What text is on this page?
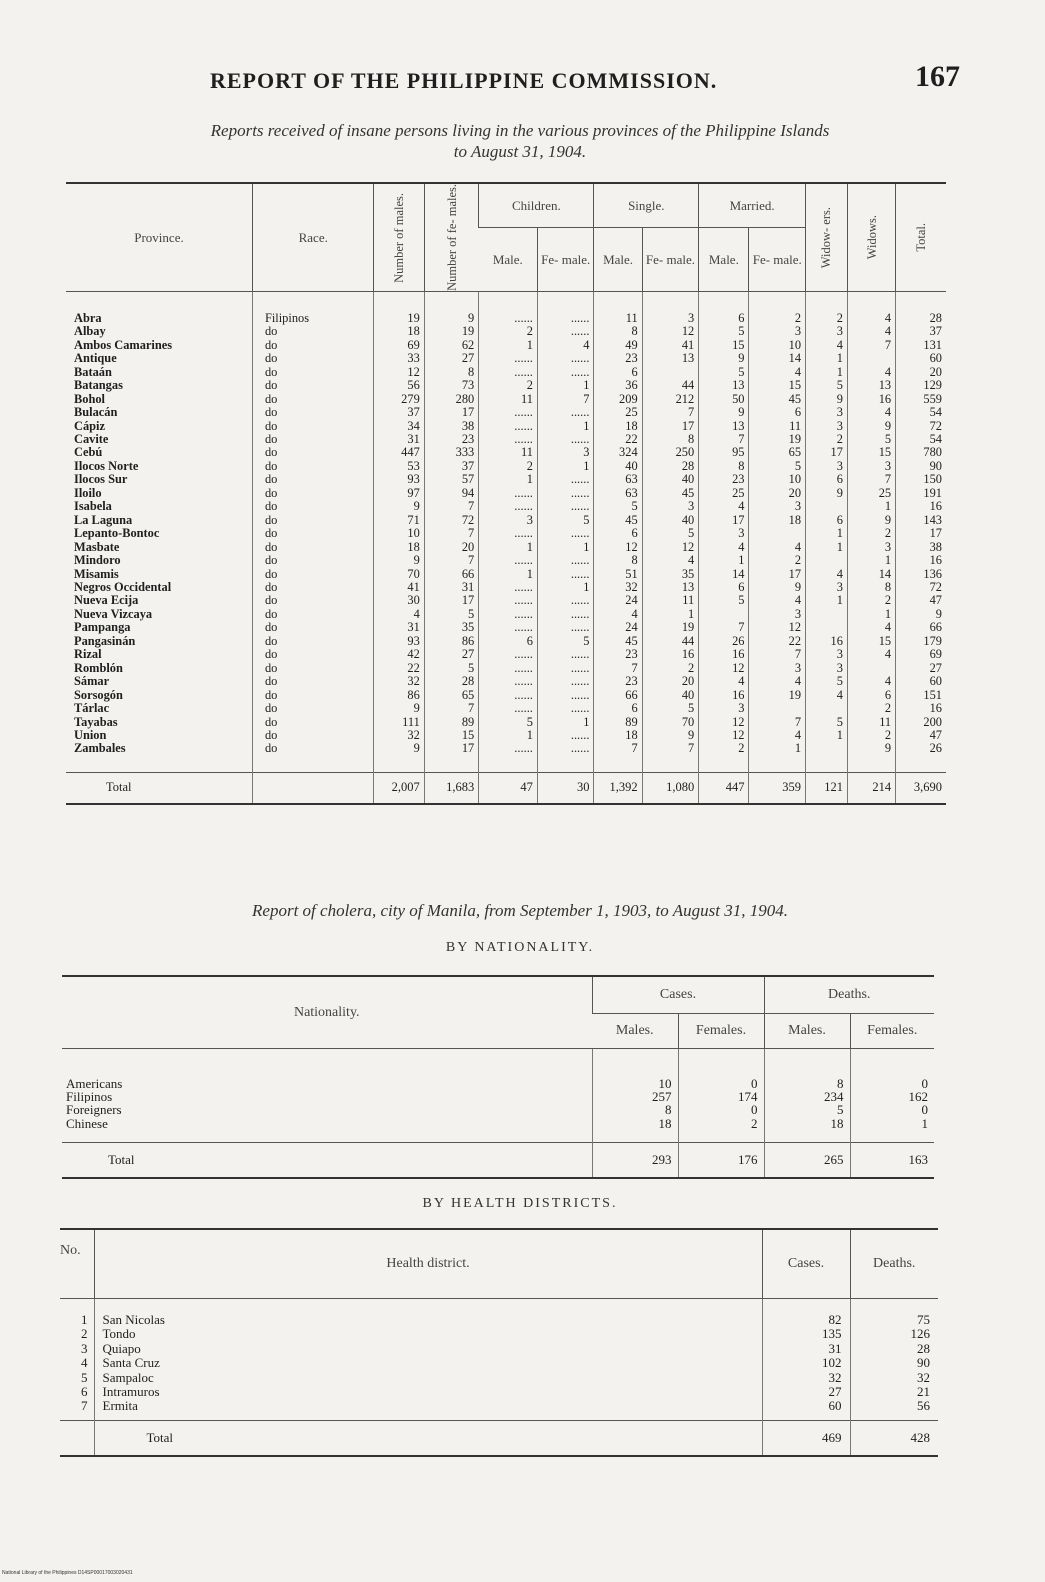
REPORT OF THE PHILIPPINE COMMISSION.	167
Reports received of insane persons living in the various provinces of the Philippine Islands
to August 31, 1904.
Province.	Race.	Number of males.	Number of fe- males.	Children.		Single.		Married.		Widow- ers.	Widows.	Total.

				Male.	Fe- male.	Male.	Fe- male.	Male.	Fe- male.			
Abra	Filipinos	19	9	......	......	11	3	6	2	2	4	28
Albay	do	18	19	2	......	8	12	5	3	3	4	37
Ambos Camarines	do	69	62	1	4	49	41	15	10	4	7	131
Antique	do	33	27	......	......	23	13	9	14	1		60
Bataán	do	12	8	......	......	6		5	4	1	4	20
Batangas	do	56	73	2	1	36	44	13	15	5	13	129
Bohol	do	279	280	11	7	209	212	50	45	9	16	559
Bulacán	do	37	17	......	......	25	7	9	6	3	4	54
Cápiz	do	34	38	......	1	18	17	13	11	3	9	72
Cavite	do	31	23	......	......	22	8	7	19	2	5	54
Cebú	do	447	333	11	3	324	250	95	65	17	15	780
Ilocos Norte	do	53	37	2	1	40	28	8	5	3	3	90
Ilocos Sur	do	93	57	1	......	63	40	23	10	6	7	150
Iloilo	do	97	94	......	......	63	45	25	20	9	25	191
Isabela	do	9	7	......	......	5	3	4	3		1	16
La Laguna	do	71	72	3	5	45	40	17	18	6	9	143
Lepanto-Bontoc	do	10	7	......	......	6	5	3		1	2	17
Masbate	do	18	20	1	1	12	12	4	4	1	3	38
Mindoro	do	9	7	......	......	8	4	1	2		1	16
Misamis	do	70	66	1	......	51	35	14	17	4	14	136
Negros Occidental	do	41	31	......	1	32	13	6	9	3	8	72
Nueva Ecija	do	30	17	......	......	24	11	5	4	1	2	47
Nueva Vizcaya	do	4	5	......	......	4	1		3		1	9
Pampanga	do	31	35	......	......	24	19	7	12		4	66
Pangasinán	do	93	86	6	5	45	44	26	22	16	15	179
Rizal	do	42	27	......	......	23	16	16	7	3	4	69
Romblón	do	22	5	......	......	7	2	12	3	3		27
Sámar	do	32	28	......	......	23	20	4	4	5	4	60
Sorsogón	do	86	65	......	......	66	40	16	19	4	6	151
Tárlac	do	9	7	......	......	6	5	3			2	16
Tayabas	do	111	89	5	1	89	70	12	7	5	11	200
Union	do	32	15	1	......	18	9	12	4	1	2	47
Zambales	do	9	17	......	......	7	7	2	1		9	26
Total		2,007	1,683	47	30	1,392	1,080	447	359	121	214	3,690
Report of cholera, city of Manila, from September 1, 1903, to August 31, 1904.
BY NATIONALITY.
Nationality.	Cases.		Deaths.	
	Males.	Females.	Males.	Females.
Americans	10	0	8	0
Filipinos	257	174	234	162
Foreigners	8	0	5	0
Chinese	18	2	18	1
Total	293	176	265	163
BY HEALTH DISTRICTS.
No.	Health district.	Cases.	Deaths.
1	San Nicolas	82	75
2	Tondo	135	126
3	Quiapo	31	28
4	Santa Cruz	102	90
5	Sampaloc	32	32
6	Intramuros	27	21
7	Ermita	60	56
	Total	469	428
National Library of the Philippines D14SP00017003020431
